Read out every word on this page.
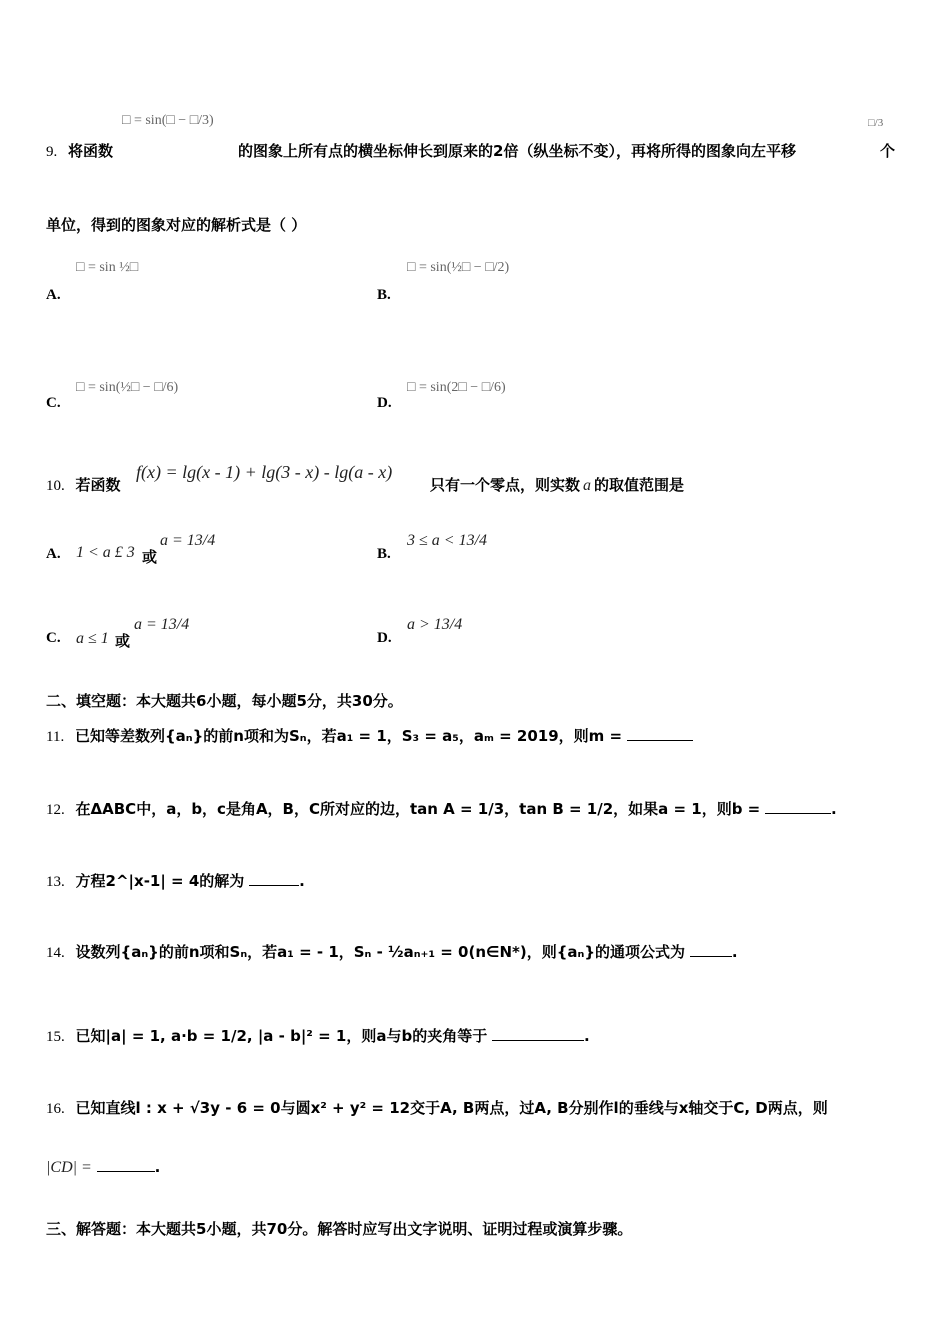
□ = sin(□ − □/3)
9. 将函数	的图象上所有点的横坐标伸长到原来的2倍（纵坐标不变），再将所得的图象向左平移
□/3
个
单位，得到的图象对应的解析式是（ ）
□ = sin ½□
A.
□ = sin(½□ − □/2)
B.
□ = sin(½□ − □/6)
C.
□ = sin(2□ − □/6)
D.
10. 若函数
f(x) = lg(x - 1) + lg(3 - x) - lg(a - x)
只有一个零点，则实数 a 的取值范围是
A. 1 < a £ 3 或
a = 13/4
B.
3 ≤ a < 13/4
C. a ≤ 1 或
a = 13/4
D.
a > 13/4
二、填空题：本大题共6小题，每小题5分，共30分。
11. 已知等差数列{aₙ}的前n项和为Sₙ，若a₁ = 1，S₃ = a₅，aₘ = 2019，则m =
12. 在ΔABC中，a，b，c是角A，B，C所对应的边，tan A = 1/3，tan B = 1/2，如果a = 1，则b =	.
13. 方程2^|x-1| = 4的解为	.
14. 设数列{aₙ}的前n项和Sₙ，若a₁ = - 1，Sₙ - ½aₙ₊₁ = 0(n∈N*)，则{aₙ}的通项公式为	.
15. 已知|a| = 1, a·b = 1/2, |a - b|² = 1，则a与b的夹角等于	.
16. 已知直线l : x + √3y - 6 = 0与圆x² + y² = 12交于A, B两点，过A, B分别作l的垂线与x轴交于C, D两点，则
|CD| =	.
三、解答题：本大题共5小题，共70分。解答时应写出文字说明、证明过程或演算步骤。
